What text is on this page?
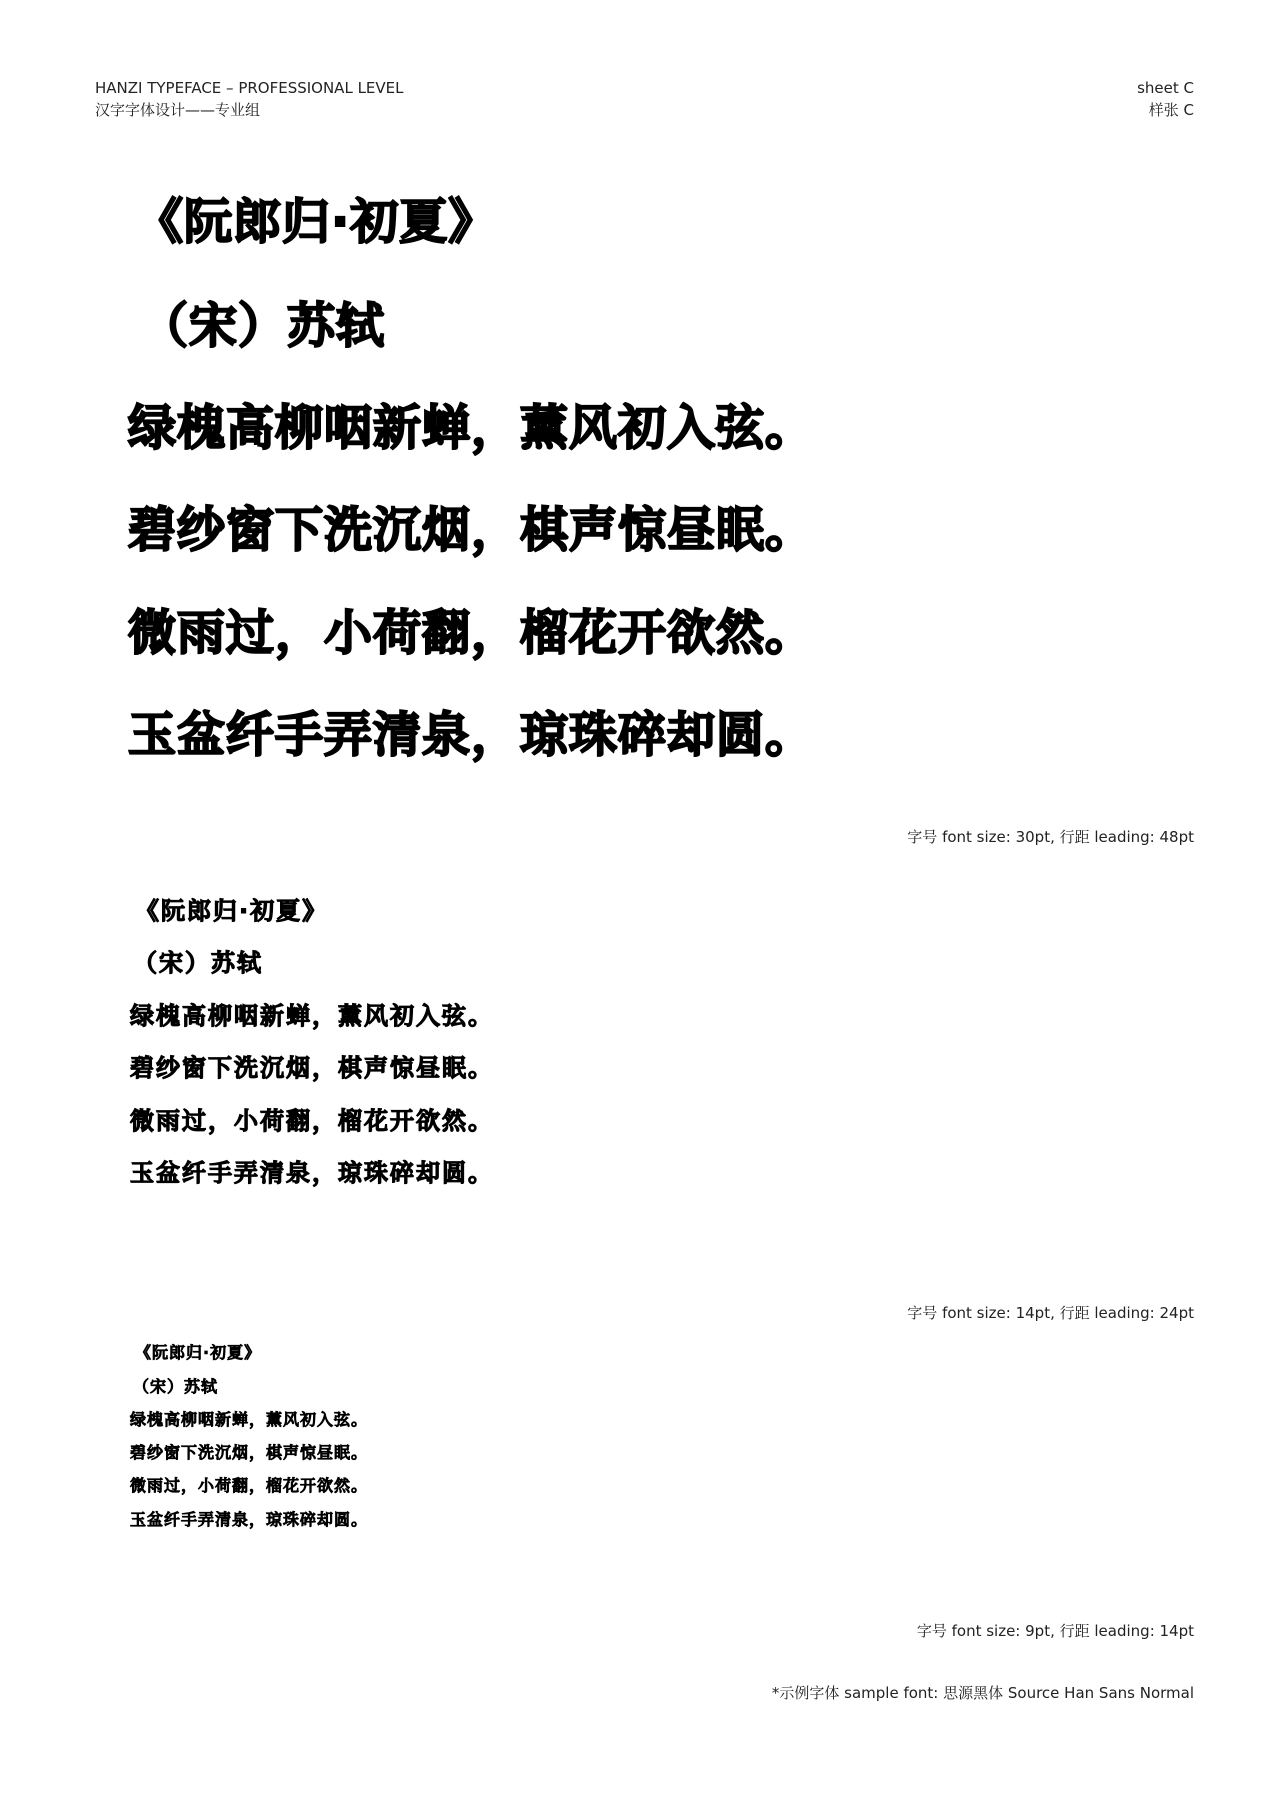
HANZI TYPEFACE – PROFESSIONAL LEVEL
汉字字体设计——专业组
sheet C
样张 C
《阮郎归·初夏》
（宋）苏轼
绿槐高柳咽新蝉，薰风初入弦。
碧纱窗下洗沉烟，棋声惊昼眠。
微雨过，小荷翻，榴花开欲然。
玉盆纤手弄清泉，琼珠碎却圆。
字号 font size: 30pt, 行距 leading: 48pt
《阮郎归·初夏》
（宋）苏轼
绿槐高柳咽新蝉，薰风初入弦。
碧纱窗下洗沉烟，棋声惊昼眠。
微雨过，小荷翻，榴花开欲然。
玉盆纤手弄清泉，琼珠碎却圆。
字号 font size: 14pt, 行距 leading: 24pt
《阮郎归·初夏》
（宋）苏轼
绿槐高柳咽新蝉，薰风初入弦。
碧纱窗下洗沉烟，棋声惊昼眠。
微雨过，小荷翻，榴花开欲然。
玉盆纤手弄清泉，琼珠碎却圆。
字号 font size: 9pt, 行距 leading: 14pt
*示例字体 sample font: 思源黑体 Source Han Sans Normal
